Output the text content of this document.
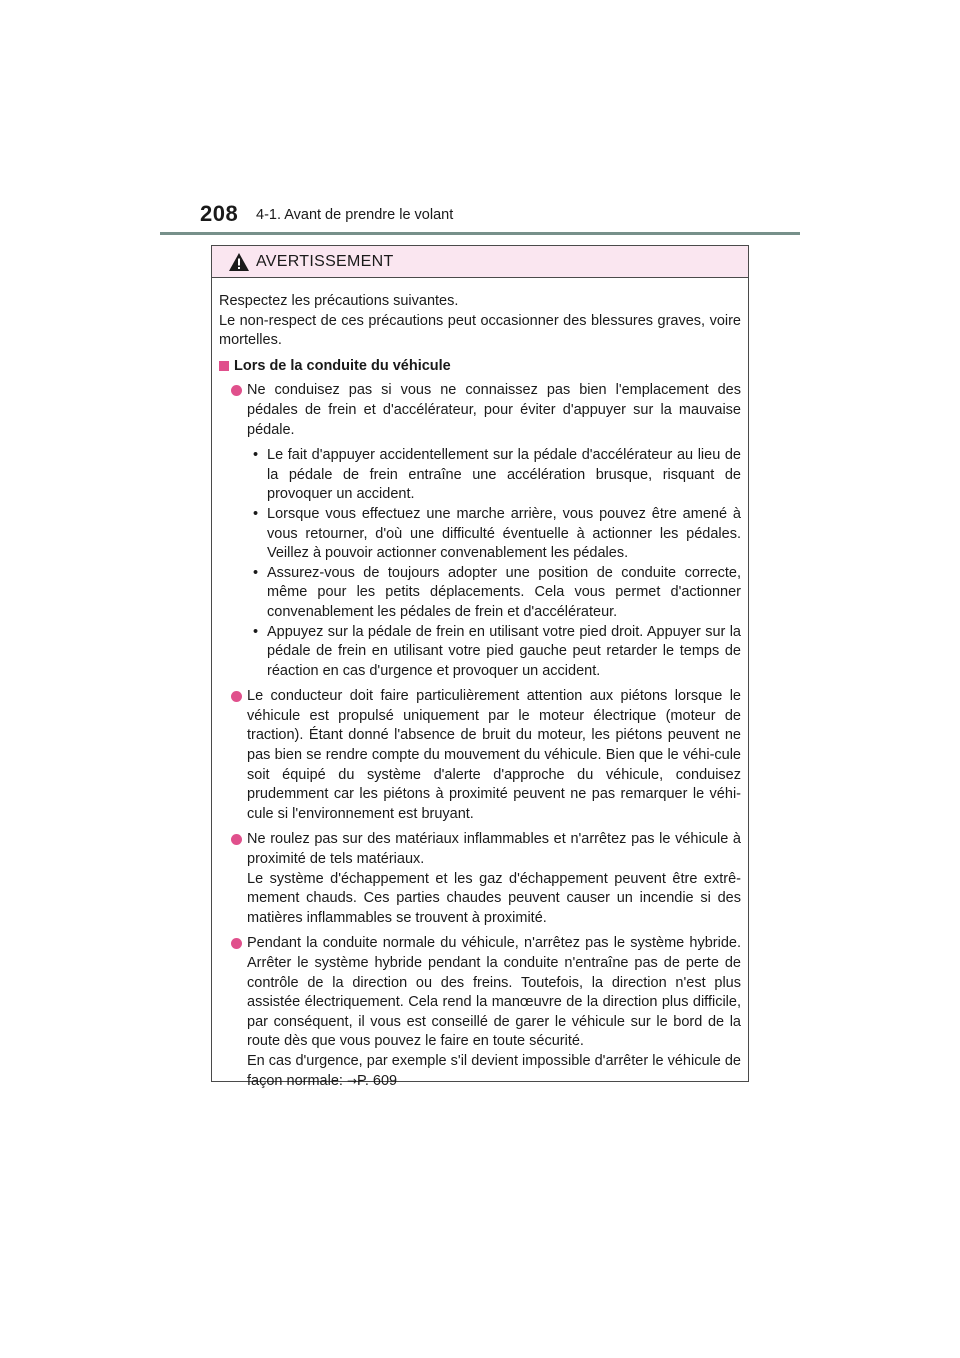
208 4-1. Avant de prendre le volant
AVERTISSEMENT

Respectez les précautions suivantes.

Le non-respect de ces précautions peut occasionner des blessures graves, voire mortelles.

Lors de la conduite du véhicule

Ne conduisez pas si vous ne connaissez pas bien l'emplacement des pédales de frein et d'accélérateur, pour éviter d'appuyer sur la mauvaise pédale.

• Le fait d'appuyer accidentellement sur la pédale d'accélérateur au lieu de la pédale de frein entraîne une accélération brusque, risquant de provoquer un accident.
• Lorsque vous effectuez une marche arrière, vous pouvez être amené à vous retourner, d'où une difficulté éventuelle à actionner les pédales. Veillez à pouvoir actionner convenablement les pédales.
• Assurez-vous de toujours adopter une position de conduite correcte, même pour les petits déplacements. Cela vous permet d'actionner convenablement les pédales de frein et d'accélérateur.
• Appuyez sur la pédale de frein en utilisant votre pied droit. Appuyer sur la pédale de frein en utilisant votre pied gauche peut retarder le temps de réaction en cas d'urgence et provoquer un accident.

Le conducteur doit faire particulièrement attention aux piétons lorsque le véhicule est propulsé uniquement par le moteur électrique (moteur de traction). Étant donné l'absence de bruit du moteur, les piétons peuvent ne pas bien se rendre compte du mouvement du véhicule. Bien que le véhi-cule soit équipé du système d'alerte d'approche du véhicule, conduisez prudemment car les piétons à proximité peuvent ne pas remarquer le véhi-cule si l'environnement est bruyant.

Ne roulez pas sur des matériaux inflammables et n'arrêtez pas le véhicule à proximité de tels matériaux.

Le système d'échappement et les gaz d'échappement peuvent être extrê-mement chauds. Ces parties chaudes peuvent causer un incendie si des matières inflammables se trouvent à proximité.

Pendant la conduite normale du véhicule, n'arrêtez pas le système hybride. Arrêter le système hybride pendant la conduite n'entraîne pas de perte de contrôle de la direction ou des freins. Toutefois, la direction n'est plus assistée électriquement. Cela rend la manœuvre de la direction plus difficile, par conséquent, il vous est conseillé de garer le véhicule sur le bord de la route dès que vous pouvez le faire en toute sécurité.

En cas d'urgence, par exemple s'il devient impossible d'arrêter le véhicule de façon normale: →P. 609
